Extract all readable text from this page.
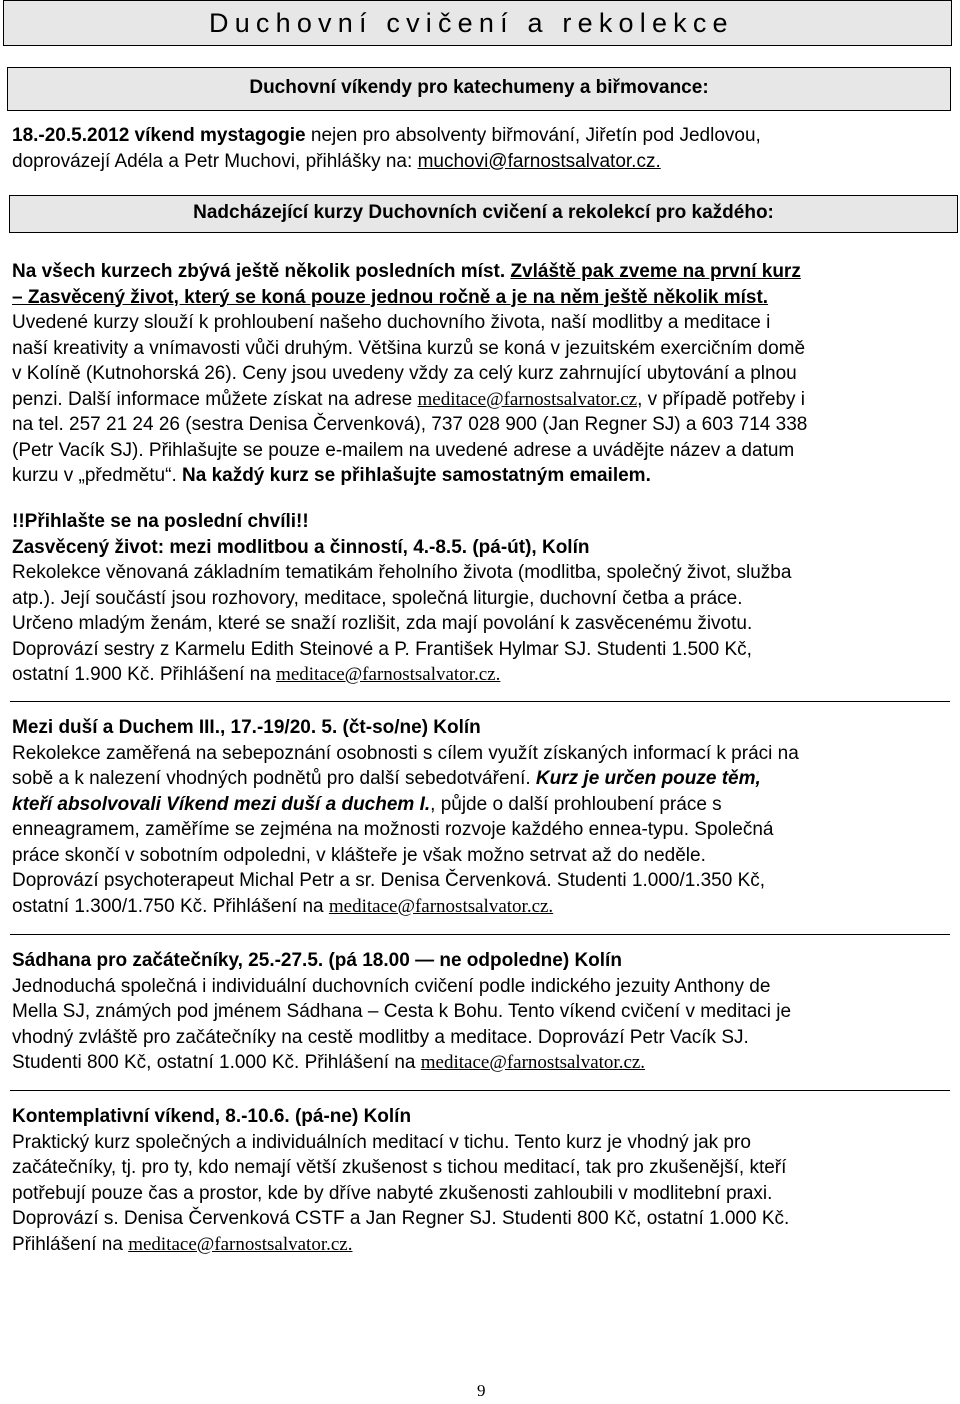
Duchovní cvičení a rekolekce
Duchovní víkendy pro katechumeny a biřmovance:
18.-20.5.2012 víkend mystagogie nejen pro absolventy biřmování, Jiřetín pod Jedlovou,
doprovázejí Adéla a Petr Muchovi, přihlášky na: muchovi@farnostsalvator.cz.
Nadcházející kurzy Duchovních cvičení a rekolekcí pro každého:
Na všech kurzech zbývá ještě několik posledních míst. Zvláště pak zveme na první kurz
– Zasvěcený život, který se koná pouze jednou ročně a je na něm ještě několik míst.
Uvedené kurzy slouží k prohloubení našeho duchovního života, naší modlitby a meditace i
naší kreativity a vnímavosti vůči druhým. Většina kurzů se koná v jezuitském exercičním domě
v Kolíně (Kutnohorská 26). Ceny jsou uvedeny vždy za celý kurz zahrnující ubytování a plnou
penzi. Další informace můžete získat na adrese meditace@farnostsalvator.cz, v případě potřeby i
na tel. 257 21 24 26 (sestra Denisa Červenková), 737 028 900 (Jan Regner SJ) a 603 714 338
(Petr Vacík SJ). Přihlašujte se pouze e-mailem na uvedené adrese a uvádějte název a datum
kurzu v „předmětu“. Na každý kurz se přihlašujte samostatným emailem.
!!Přihlašte se na poslední chvíli!!
Zasvěcený život: mezi modlitbou a činností, 4.-8.5. (pá-út), Kolín
Rekolekce věnovaná základním tematikám řeholního života (modlitba, společný život, služba
atp.). Její součástí jsou rozhovory, meditace, společná liturgie, duchovní četba a práce.
Určeno mladým ženám, které se snaží rozlišit, zda mají povolání k zasvěcenému životu.
Doprovází sestry z Karmelu Edith Steinové a P. František Hylmar SJ. Studenti 1.500 Kč,
ostatní 1.900 Kč. Přihlášení na meditace@farnostsalvator.cz.
Mezi duší a Duchem III., 17.-19/20. 5. (čt-so/ne) Kolín
Rekolekce zaměřená na sebepoznání osobnosti s cílem využít získaných informací k práci na
sobě a k nalezení vhodných podnětů pro další sebedotváření. Kurz je určen pouze těm,
kteří absolvovali Víkend mezi duší a duchem I., půjde o další prohloubení práce s
enneagramem, zaměříme se zejména na možnosti rozvoje každého ennea-typu. Společná
práce skončí v sobotním odpoledni, v klášteře je však možno setrvat až do neděle.
Doprovází psychoterapeut Michal Petr a sr. Denisa Červenková. Studenti 1.000/1.350 Kč,
ostatní 1.300/1.750 Kč. Přihlášení na meditace@farnostsalvator.cz.
Sádhana pro začátečníky, 25.-27.5. (pá 18.00 — ne odpoledne) Kolín
Jednoduchá společná i individuální duchovních cvičení podle indického jezuity Anthony de
Mella SJ, známých pod jménem Sádhana – Cesta k Bohu. Tento víkend cvičení v meditaci je
vhodný zvláště pro začátečníky na cestě modlitby a meditace. Doprovází Petr Vacík SJ.
Studenti 800 Kč, ostatní 1.000 Kč. Přihlášení na meditace@farnostsalvator.cz.
Kontemplativní víkend, 8.-10.6. (pá-ne) Kolín
Praktický kurz společných a individuálních meditací v tichu. Tento kurz je vhodný jak pro
začátečníky, tj. pro ty, kdo nemají větší zkušenost s tichou meditací, tak pro zkušenější, kteří
potřebují pouze čas a prostor, kde by dříve nabyté zkušenosti zahloubili v modlitební praxi.
Doprovází s. Denisa Červenková CSTF a Jan Regner SJ. Studenti 800 Kč, ostatní 1.000 Kč.
Přihlášení na meditace@farnostsalvator.cz.
9
